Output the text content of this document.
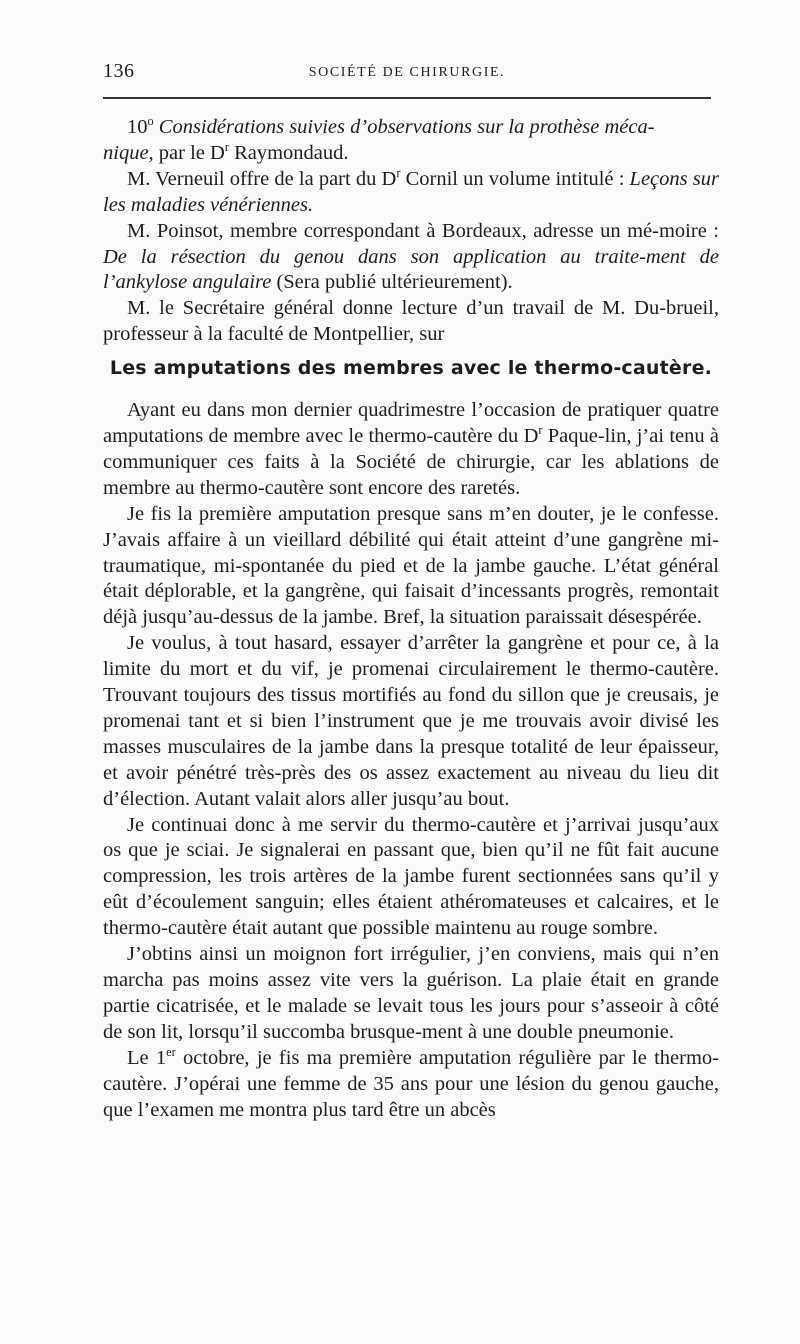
136	SOCIÉTÉ DE CHIRURGIE.

10$^o$ Considérations suivies d’observations sur la prothèse méca-
nique, par le $D^r$ Raymondaud.

M. Verneuil offre de la part du $D^r$ Cornil un volume intitulé : Leçons sur les maladies vénériennes.

M. Poinsot, membre correspondant à Bordeaux, adresse un mé-moire : De la résection du genou dans son application au traite-ment de l’ankylose angulaire (Sera publié ultérieurement).

M. le Secrétaire général donne lecture d’un travail de M. Du-brueil, professeur à la faculté de Montpellier, sur

Les amputations des membres avec le thermo-cautère.

Ayant eu dans mon dernier quadrimestre l’occasion de pratiquer quatre amputations de membre avec le thermo-cautère du $D^r$ Paque-lin, j’ai tenu à communiquer ces faits à la Société de chirurgie, car les ablations de membre au thermo-cautère sont encore des raretés.

Je fis la première amputation presque sans m’en douter, je le confesse. J’avais affaire à un vieillard débilité qui était atteint d’une gangrène mi-traumatique, mi-spontanée du pied et de la jambe gauche. L’état général était déplorable, et la gangrène, qui faisait d’incessants progrès, remontait déjà jusqu’au-dessus de la jambe. Bref, la situation paraissait désespérée.

Je voulus, à tout hasard, essayer d’arrêter la gangrène et pour ce, à la limite du mort et du vif, je promenai circulairement le thermo-cautère. Trouvant toujours des tissus mortifiés au fond du sillon que je creusais, je promenai tant et si bien l’instrument que je me trouvais avoir divisé les masses musculaires de la jambe dans la presque totalité de leur épaisseur, et avoir pénétré très-près des os assez exactement au niveau du lieu dit d’élection. Autant valait alors aller jusqu’au bout.

Je continuai donc à me servir du thermo-cautère et j’arrivai jusqu’aux os que je sciai. Je signalerai en passant que, bien qu’il ne fût fait aucune compression, les trois artères de la jambe furent sectionnées sans qu’il y eût d’écoulement sanguin; elles étaient athéromateuses et calcaires, et le thermo-cautère était autant que possible maintenu au rouge sombre.

J’obtins ainsi un moignon fort irrégulier, j’en conviens, mais qui n’en marcha pas moins assez vite vers la guérison. La plaie était en grande partie cicatrisée, et le malade se levait tous les jours pour s’asseoir à côté de son lit, lorsqu’il succomba brusque-ment à une double pneumonie.

Le 1er octobre, je fis ma première amputation régulière par le thermo-cautère. J’opérai une femme de 35 ans pour une lésion du genou gauche, que l’examen me montra plus tard être un abcès
